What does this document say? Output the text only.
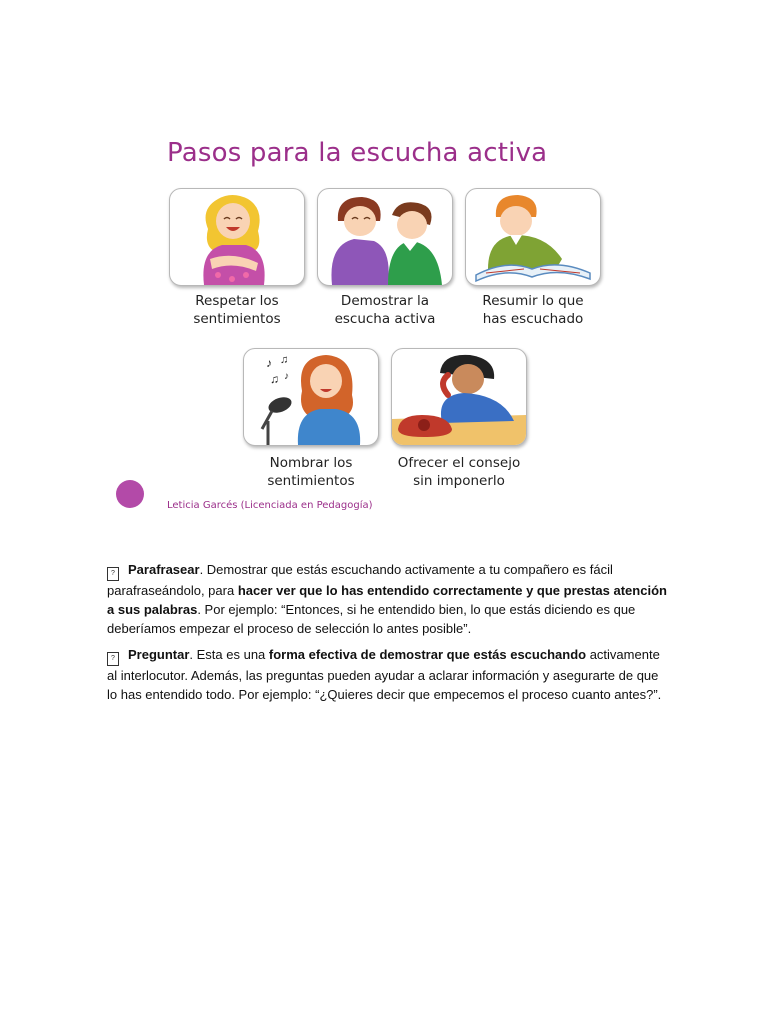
Pasos para la escucha activa
Respetar los
sentimientos
Demostrar la
escucha activa
Resumir lo que
has escuchado
♪ ♫
♫ ♪
Nombrar los
sentimientos
Ofrecer el consejo
sin imponerlo
Leticia Garcés (Licenciada en Pedagogía)

? Parafrasear. Demostrar que estás escuchando activamente a tu compañero es fácil parafraseándolo, para hacer ver que lo has entendido correctamente y que prestas atención a sus palabras. Por ejemplo: “Entonces, si he entendido bien, lo que estás diciendo es que deberíamos empezar el proceso de selección lo antes posible”.

? Preguntar. Esta es una forma efectiva de demostrar que estás escuchando activamente al interlocutor. Además, las preguntas pueden ayudar a aclarar información y asegurarte de que lo has entendido todo. Por ejemplo: “¿Quieres decir que empecemos el proceso cuanto antes?”.
